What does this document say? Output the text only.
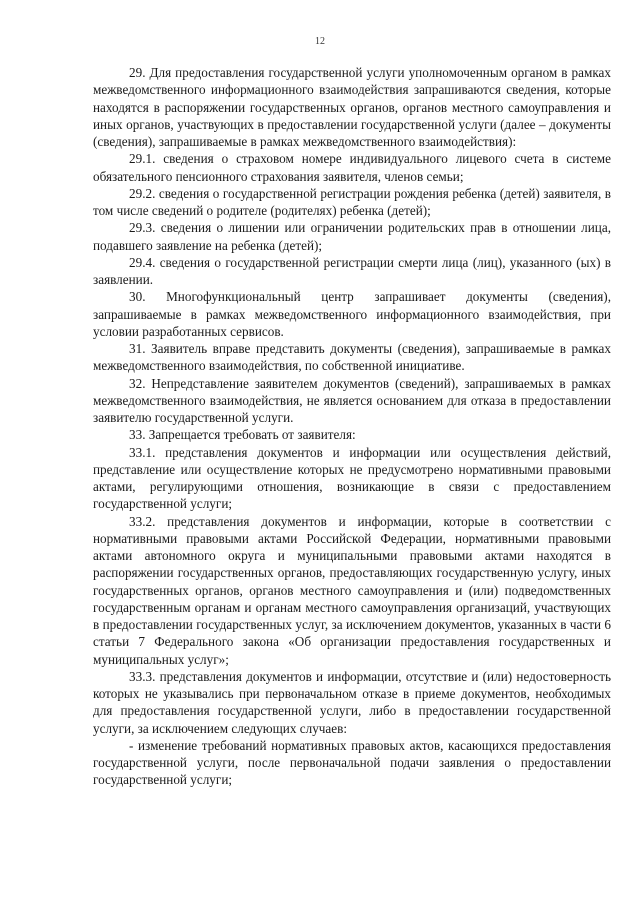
12

29. Для предоставления государственной услуги уполномоченным органом в рамках межведомственного информационного взаимодействия запрашиваются сведения, которые находятся в распоряжении государственных органов, органов местного самоуправления и иных органов, участвующих в предоставлении государственной услуги (далее – документы (сведения), запрашиваемые в рамках межведомственного взаимодействия):

29.1. сведения о страховом номере индивидуального лицевого счета в системе обязательного пенсионного страхования заявителя, членов семьи;

29.2. сведения о государственной регистрации рождения ребенка (детей) заявителя, в том числе сведений о родителе (родителях) ребенка (детей);

29.3. сведения о лишении или ограничении родительских прав в отношении лица, подавшего заявление на ребенка (детей);

29.4. сведения о государственной регистрации смерти лица (лиц), указанного (ых) в заявлении.

30. Многофункциональный центр запрашивает документы (сведения), запрашиваемые в рамках межведомственного информационного взаимодействия, при условии разработанных сервисов.

31. Заявитель вправе представить документы (сведения), запрашиваемые в рамках межведомственного взаимодействия, по собственной инициативе.

32. Непредставление заявителем документов (сведений), запрашиваемых в рамках межведомственного взаимодействия, не является основанием для отказа в предоставлении заявителю государственной услуги.

33. Запрещается требовать от заявителя:

33.1. представления документов и информации или осуществления действий, представление или осуществление которых не предусмотрено нормативными правовыми актами, регулирующими отношения, возникающие в связи с предоставлением государственной услуги;

33.2. представления документов и информации, которые в соответствии с нормативными правовыми актами Российской Федерации, нормативными правовыми актами автономного округа и муниципальными правовыми актами находятся в распоряжении государственных органов, предоставляющих государственную услугу, иных государственных органов, органов местного самоуправления и (или) подведомственных государственным органам и органам местного самоуправления организаций, участвующих в предоставлении государственных услуг, за исключением документов, указанных в части 6 статьи 7 Федерального закона «Об организации предоставления государственных и муниципальных услуг»;

33.3. представления документов и информации, отсутствие и (или) недостоверность которых не указывались при первоначальном отказе в приеме документов, необходимых для предоставления государственной услуги, либо в предоставлении государственной услуги, за исключением следующих случаев:

- изменение требований нормативных правовых актов, касающихся предоставления государственной услуги, после первоначальной подачи заявления о предоставлении государственной услуги;
